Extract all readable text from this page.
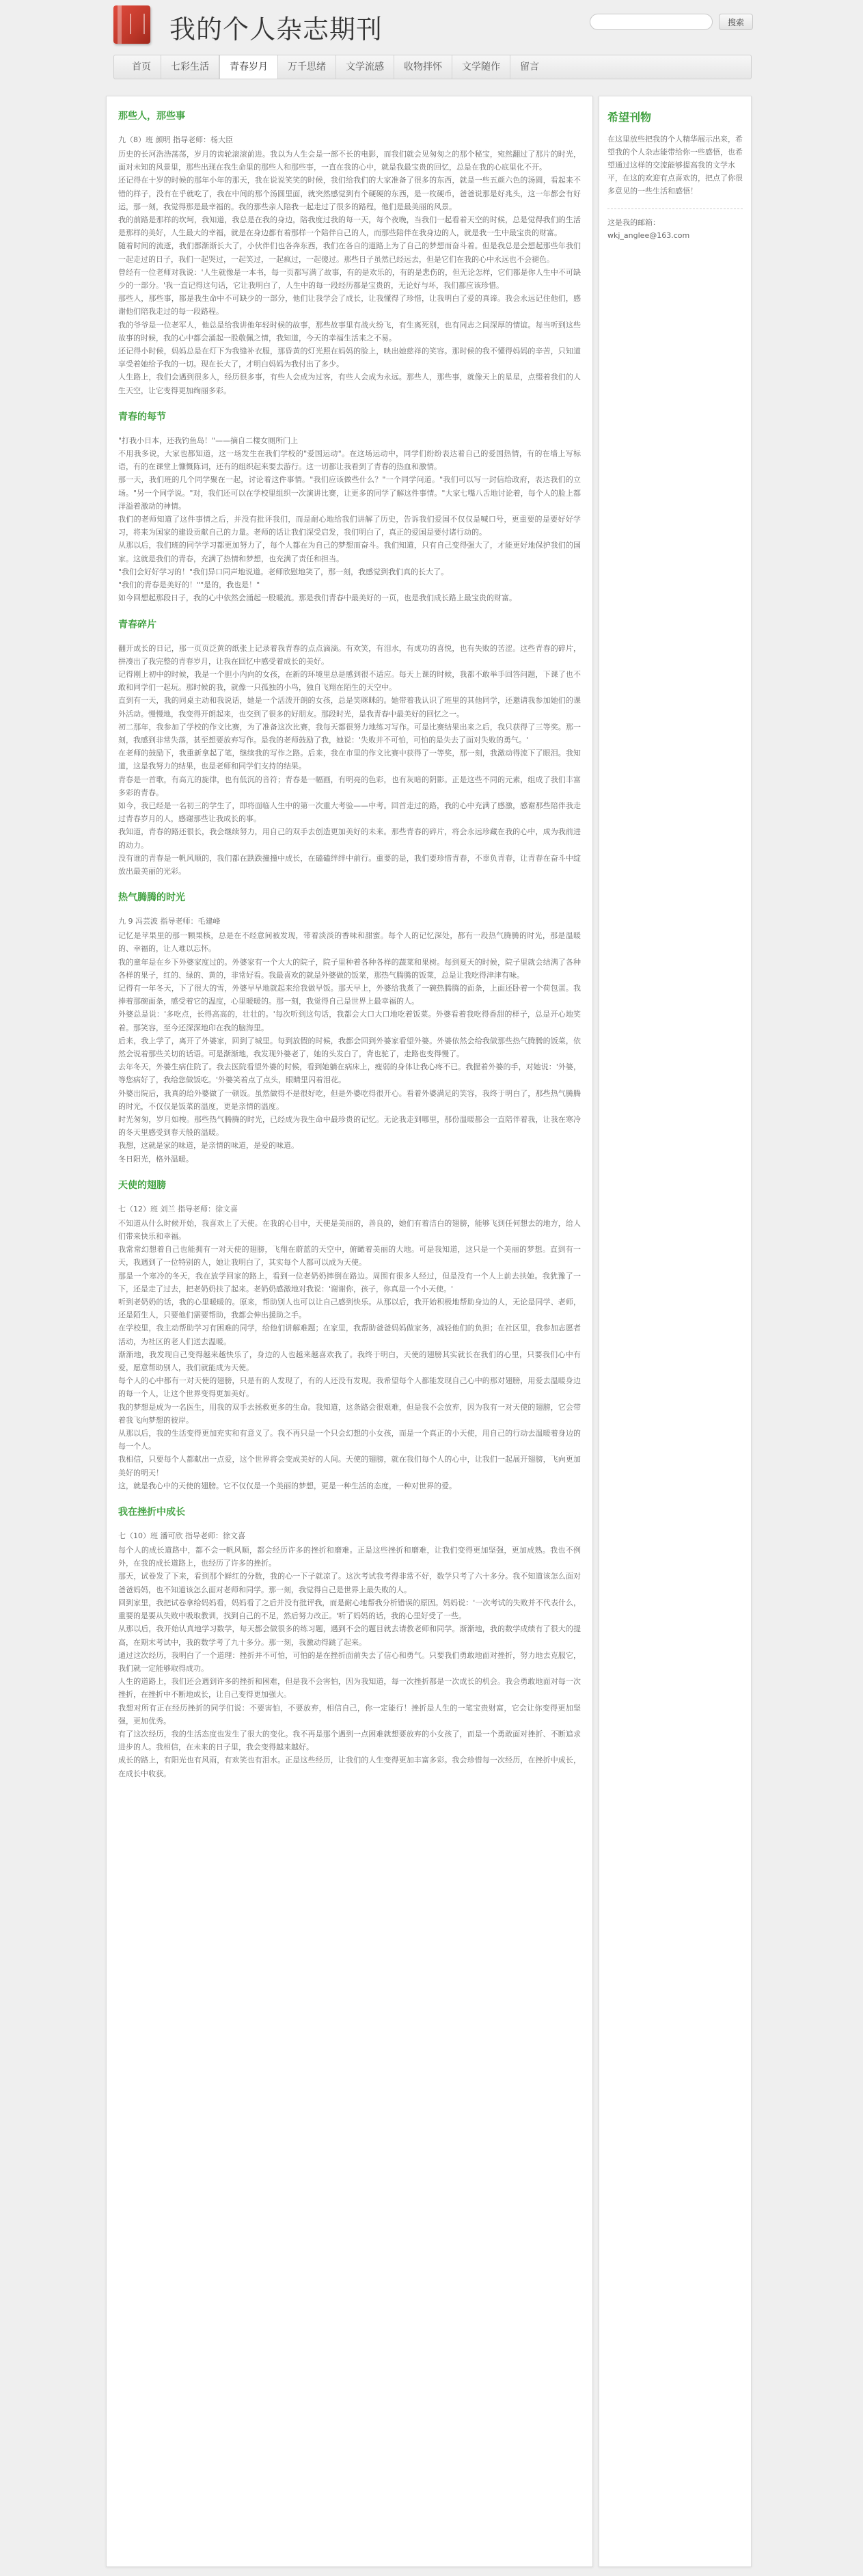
我的个人杂志期刊	搜索
首页	七彩生活	青春岁月	万千思绪	文学流感	收物拌怀	文学随作	留言
那些人，那些事
九（8）班 颜明 指导老师：杨大臣

历史的长河浩浩荡荡，岁月的齿轮滚滚前进。我以为人生会是一部不长的电影，而我们就会见匆匆之的那个秘宝，宛然翻过了那片的时光，面对未知的风景里，那些出现在我生命里的那些人和那些事，一直在我的心中，就是我最宝贵的回忆，总是在我的心底里化不开。

还记得在十岁的时候的那年小年的那天，我在说说笑笑的时候，我们给我们的大家准备了很多的东西，就是一些五颜六色的汤圆，看起来不错的样子，没有在乎就吃了，我在中间的那个汤圆里面，就突然感觉到有个硬硬的东西，是一枚硬币，爸爸说那是好兆头，这一年都会有好运，那一刻，我觉得那是最幸福的。我的那些亲人陪我一起走过了很多的路程，他们是最美丽的风景。

我的前路是那样的坎坷，我知道，我总是在我的身边，陪我度过我的每一天，每个夜晚，当我们一起看着天空的时候，总是觉得我们的生活是那样的美好，人生最大的幸福，就是在身边都有着那样一个陪伴自己的人，而那些陪伴在我身边的人，就是我一生中最宝贵的财富。

随着时间的流逝，我们都渐渐长大了，小伙伴们也各奔东西，我们在各自的道路上为了自己的梦想而奋斗着。但是我总是会想起那些年我们一起走过的日子，我们一起哭过，一起笑过，一起疯过，一起傻过。那些日子虽然已经远去，但是它们在我的心中永远也不会褪色。

曾经有一位老师对我说：'人生就像是一本书，每一页都写满了故事，有的是欢乐的，有的是悲伤的，但无论怎样，它们都是你人生中不可缺少的一部分。'我一直记得这句话，它让我明白了，人生中的每一段经历都是宝贵的，无论好与坏，我们都应该珍惜。

那些人，那些事，都是我生命中不可缺少的一部分，他们让我学会了成长，让我懂得了珍惜，让我明白了爱的真谛。我会永远记住他们，感谢他们陪我走过的每一段路程。

我的爷爷是一位老军人，他总是给我讲他年轻时候的故事，那些故事里有战火纷飞，有生离死别，也有同志之间深厚的情谊。每当听到这些故事的时候，我的心中都会涌起一股敬佩之情，我知道，今天的幸福生活来之不易。

还记得小时候，妈妈总是在灯下为我缝补衣服，那昏黄的灯光照在妈妈的脸上，映出她慈祥的笑容。那时候的我不懂得妈妈的辛苦，只知道享受着她给予我的一切。现在长大了，才明白妈妈为我付出了多少。

人生路上，我们会遇到很多人，经历很多事，有些人会成为过客，有些人会成为永远。那些人，那些事，就像天上的星星，点缀着我们的人生天空，让它变得更加绚丽多彩。

青春的每节

"打我小日本，还我钓鱼岛！"——摘自二楼女厕所门上

不用我多说，大家也都知道，这一场发生在我们学校的"爱国运动"。在这场运动中，同学们纷纷表达着自己的爱国热情，有的在墙上写标语，有的在课堂上慷慨陈词，还有的组织起来要去游行。这一切都让我看到了青春的热血和激情。

那一天，我们班的几个同学聚在一起，讨论着这件事情。"我们应该做些什么？"一个同学问道。"我们可以写一封信给政府，表达我们的立场。"另一个同学说。"对，我们还可以在学校里组织一次演讲比赛，让更多的同学了解这件事情。"大家七嘴八舌地讨论着，每个人的脸上都洋溢着激动的神情。

我们的老师知道了这件事情之后，并没有批评我们，而是耐心地给我们讲解了历史，告诉我们爱国不仅仅是喊口号，更重要的是要好好学习，将来为国家的建设贡献自己的力量。老师的话让我们深受启发，我们明白了，真正的爱国是要付诸行动的。

从那以后，我们班的同学学习都更加努力了，每个人都在为自己的梦想而奋斗。我们知道，只有自己变得强大了，才能更好地保护我们的国家。这就是我们的青春，充满了热情和梦想，也充满了责任和担当。

"我们会好好学习的！"我们异口同声地说道。老师欣慰地笑了，那一刻，我感觉到我们真的长大了。

"我们的青春是美好的！""是的，我也是！"

如今回想起那段日子，我的心中依然会涌起一股暖流。那是我们青春中最美好的一页，也是我们成长路上最宝贵的财富。

青春碎片

翻开成长的日记，那一页页泛黄的纸张上记录着我青春的点点滴滴。有欢笑，有泪水，有成功的喜悦，也有失败的苦涩。这些青春的碎片，拼凑出了我完整的青春岁月，让我在回忆中感受着成长的美好。

记得刚上初中的时候，我是一个胆小内向的女孩，在新的环境里总是感到很不适应。每天上课的时候，我都不敢举手回答问题，下课了也不敢和同学们一起玩。那时候的我，就像一只孤独的小鸟，独自飞翔在陌生的天空中。

直到有一天，我的同桌主动和我说话，她是一个活泼开朗的女孩，总是笑眯眯的。她带着我认识了班里的其他同学，还邀请我参加她们的课外活动。慢慢地，我变得开朗起来，也交到了很多的好朋友。那段时光，是我青春中最美好的回忆之一。

初二那年，我参加了学校的作文比赛，为了准备这次比赛，我每天都很努力地练习写作。可是比赛结果出来之后，我只获得了三等奖。那一刻，我感到非常失落，甚至想要放弃写作。是我的老师鼓励了我，她说：'失败并不可怕，可怕的是失去了面对失败的勇气。'

在老师的鼓励下，我重新拿起了笔，继续我的写作之路。后来，我在市里的作文比赛中获得了一等奖，那一刻，我激动得流下了眼泪。我知道，这是我努力的结果，也是老师和同学们支持的结果。

青春是一首歌，有高亢的旋律，也有低沉的音符；青春是一幅画，有明亮的色彩，也有灰暗的阴影。正是这些不同的元素，组成了我们丰富多彩的青春。

如今，我已经是一名初三的学生了，即将面临人生中的第一次重大考验——中考。回首走过的路，我的心中充满了感激，感谢那些陪伴我走过青春岁月的人，感谢那些让我成长的事。

我知道，青春的路还很长，我会继续努力，用自己的双手去创造更加美好的未来。那些青春的碎片，将会永远珍藏在我的心中，成为我前进的动力。

没有谁的青春是一帆风顺的，我们都在跌跌撞撞中成长，在磕磕绊绊中前行。重要的是，我们要珍惜青春，不辜负青春，让青春在奋斗中绽放出最美丽的光彩。

热气腾腾的时光
九 9 冯芸波 指导老师：毛建峰

记忆是苹果里的那一颗果核，总是在不经意间被发现，带着淡淡的香味和甜蜜。每个人的记忆深处，都有一段热气腾腾的时光，那是温暖的、幸福的，让人难以忘怀。

我的童年是在乡下外婆家度过的。外婆家有一个大大的院子，院子里种着各种各样的蔬菜和果树。每到夏天的时候，院子里就会结满了各种各样的果子，红的、绿的、黄的，非常好看。我最喜欢的就是外婆做的饭菜，那热气腾腾的饭菜，总是让我吃得津津有味。

记得有一年冬天，下了很大的雪，外婆早早地就起来给我做早饭。那天早上，外婆给我煮了一碗热腾腾的面条，上面还卧着一个荷包蛋。我捧着那碗面条，感受着它的温度，心里暖暖的。那一刻，我觉得自己是世界上最幸福的人。

外婆总是说：'多吃点，长得高高的，壮壮的。'每次听到这句话，我都会大口大口地吃着饭菜。外婆看着我吃得香甜的样子，总是开心地笑着。那笑容，至今还深深地印在我的脑海里。

后来，我上学了，离开了外婆家，回到了城里。每到放假的时候，我都会回到外婆家看望外婆。外婆依然会给我做那些热气腾腾的饭菜，依然会说着那些关切的话语。可是渐渐地，我发现外婆老了，她的头发白了，背也驼了，走路也变得慢了。

去年冬天，外婆生病住院了。我去医院看望外婆的时候，看到她躺在病床上，瘦弱的身体让我心疼不已。我握着外婆的手，对她说：'外婆，等您病好了，我给您做饭吃。'外婆笑着点了点头，眼睛里闪着泪花。

外婆出院后，我真的给外婆做了一顿饭。虽然做得不是很好吃，但是外婆吃得很开心。看着外婆满足的笑容，我终于明白了，那些热气腾腾的时光，不仅仅是饭菜的温度，更是亲情的温度。

时光匆匆，岁月如梭。那些热气腾腾的时光，已经成为我生命中最珍贵的记忆。无论我走到哪里，那份温暖都会一直陪伴着我，让我在寒冷的冬天里感受到春天般的温暖。

我想，这就是家的味道，是亲情的味道，是爱的味道。

冬日阳光，格外温暖。

天使的翅膀
七（12）班 刘兰 指导老师：徐文喜

不知道从什么时候开始，我喜欢上了天使。在我的心目中，天使是美丽的，善良的，她们有着洁白的翅膀，能够飞到任何想去的地方，给人们带来快乐和幸福。

我常常幻想着自己也能拥有一对天使的翅膀，飞翔在蔚蓝的天空中，俯瞰着美丽的大地。可是我知道，这只是一个美丽的梦想。直到有一天，我遇到了一位特别的人，她让我明白了，其实每个人都可以成为天使。

那是一个寒冷的冬天，我在放学回家的路上，看到一位老奶奶摔倒在路边。周围有很多人经过，但是没有一个人上前去扶她。我犹豫了一下，还是走了过去，把老奶奶扶了起来。老奶奶感激地对我说：'谢谢你，孩子，你真是一个小天使。'

听到老奶奶的话，我的心里暖暖的。原来，帮助别人也可以让自己感到快乐。从那以后，我开始积极地帮助身边的人，无论是同学、老师，还是陌生人，只要他们需要帮助，我都会伸出援助之手。

在学校里，我主动帮助学习有困难的同学，给他们讲解难题；在家里，我帮助爸爸妈妈做家务，减轻他们的负担；在社区里，我参加志愿者活动，为社区的老人们送去温暖。

渐渐地，我发现自己变得越来越快乐了，身边的人也越来越喜欢我了。我终于明白，天使的翅膀其实就长在我们的心里，只要我们心中有爱，愿意帮助别人，我们就能成为天使。

每个人的心中都有一对天使的翅膀，只是有的人发现了，有的人还没有发现。我希望每个人都能发现自己心中的那对翅膀，用爱去温暖身边的每一个人，让这个世界变得更加美好。

我的梦想是成为一名医生，用我的双手去拯救更多的生命。我知道，这条路会很艰难，但是我不会放弃，因为我有一对天使的翅膀，它会带着我飞向梦想的彼岸。

从那以后，我的生活变得更加充实和有意义了。我不再只是一个只会幻想的小女孩，而是一个真正的小天使，用自己的行动去温暖着身边的每一个人。

我相信，只要每个人都献出一点爱，这个世界将会变成美好的人间。天使的翅膀，就在我们每个人的心中，让我们一起展开翅膀，飞向更加美好的明天！

这，就是我心中的天使的翅膀。它不仅仅是一个美丽的梦想，更是一种生活的态度，一种对世界的爱。

我在挫折中成长
七（10）班 潘可欣 指导老师：徐文喜

每个人的成长道路中，都不会一帆风顺，都会经历许多的挫折和磨难。正是这些挫折和磨难，让我们变得更加坚强，更加成熟。我也不例外，在我的成长道路上，也经历了许多的挫折。

那天，试卷发了下来，看到那个鲜红的分数，我的心一下子就凉了。这次考试我考得非常不好，数学只考了六十多分。我不知道该怎么面对爸爸妈妈，也不知道该怎么面对老师和同学。那一刻，我觉得自己是世界上最失败的人。

回到家里，我把试卷拿给妈妈看，妈妈看了之后并没有批评我，而是耐心地帮我分析错误的原因。妈妈说：'一次考试的失败并不代表什么，重要的是要从失败中吸取教训，找到自己的不足，然后努力改正。'听了妈妈的话，我的心里好受了一些。

从那以后，我开始认真地学习数学，每天都会做很多的练习题，遇到不会的题目就去请教老师和同学。渐渐地，我的数学成绩有了很大的提高，在期末考试中，我的数学考了九十多分。那一刻，我激动得跳了起来。

通过这次经历，我明白了一个道理：挫折并不可怕，可怕的是在挫折面前失去了信心和勇气。只要我们勇敢地面对挫折，努力地去克服它，我们就一定能够取得成功。

人生的道路上，我们还会遇到许多的挫折和困难，但是我不会害怕，因为我知道，每一次挫折都是一次成长的机会。我会勇敢地面对每一次挫折，在挫折中不断地成长，让自己变得更加强大。

我想对所有正在经历挫折的同学们说：不要害怕，不要放弃，相信自己，你一定能行！挫折是人生的一笔宝贵财富，它会让你变得更加坚强，更加优秀。

有了这次经历，我的生活态度也发生了很大的变化。我不再是那个遇到一点困难就想要放弃的小女孩了，而是一个勇敢面对挫折、不断追求进步的人。我相信，在未来的日子里，我会变得越来越好。

成长的路上，有阳光也有风雨，有欢笑也有泪水。正是这些经历，让我们的人生变得更加丰富多彩。我会珍惜每一次经历，在挫折中成长，在成长中收获。

希望刊物
在这里放些把我的个人精华展示出来，希望我的个人杂志能带给你一些感悟，也希望通过这样的交流能够提高我的文学水平，在这的欢迎有点喜欢的，把点了你很多意见的一些生活和感悟！
这是我的邮箱：
wkj_anglee@163.com
